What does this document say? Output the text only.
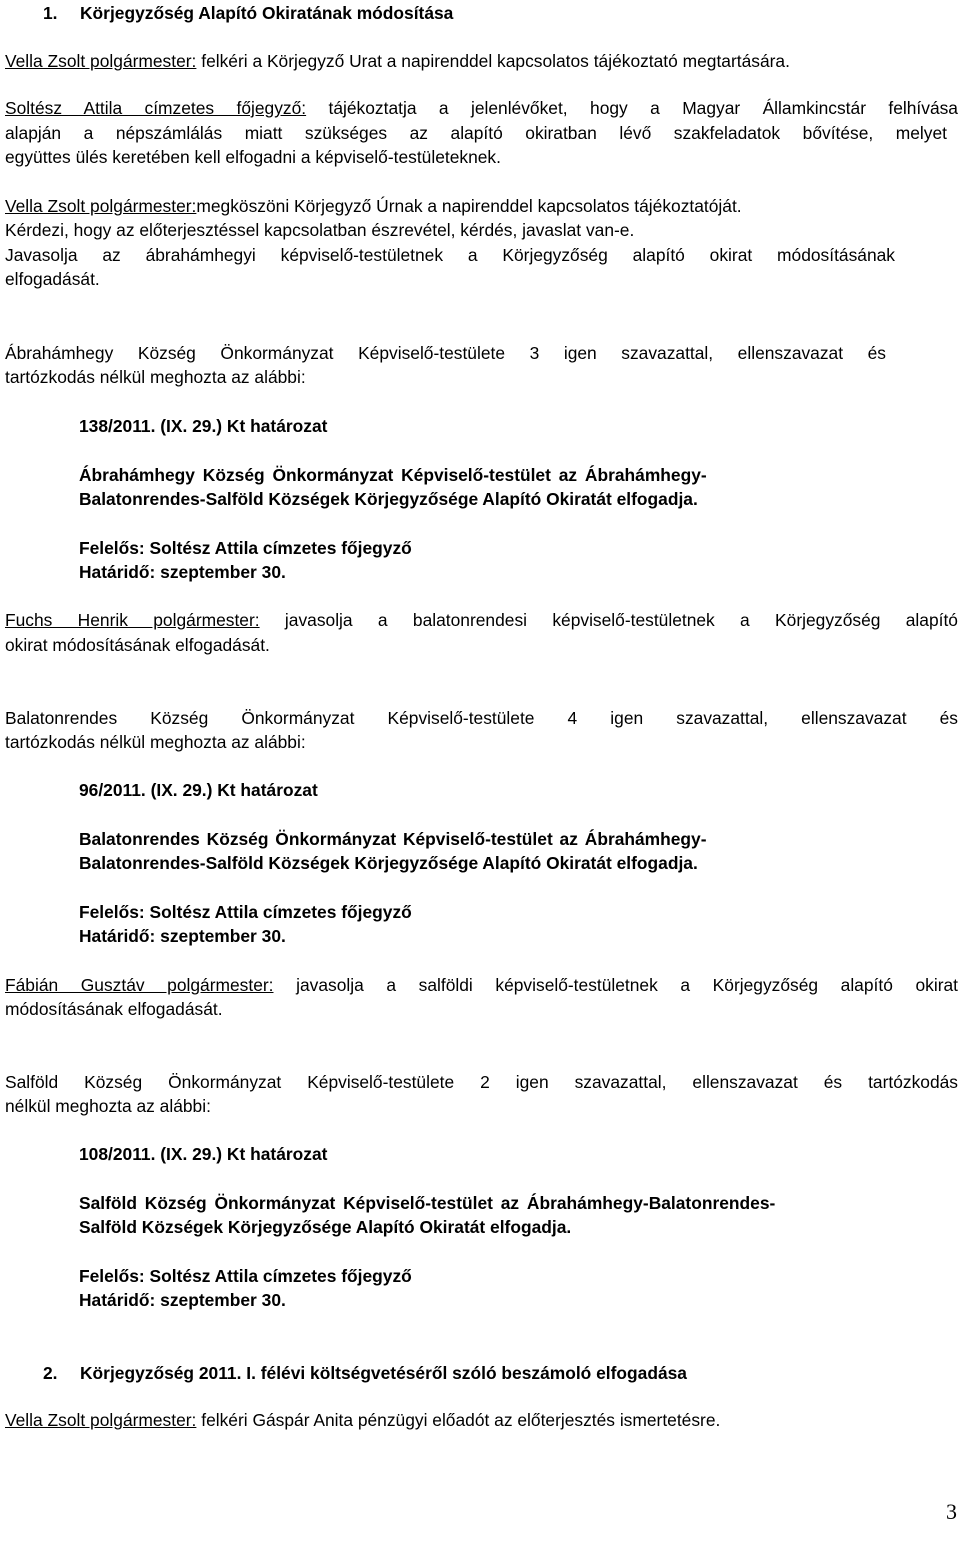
1. Körjegyzőség Alapító Okiratának módosítása
Vella Zsolt polgármester: felkéri a Körjegyző Urat a napirenddel kapcsolatos tájékoztató megtartására.
Soltész Attila címzetes főjegyző: tájékoztatja a jelenlévőket, hogy a Magyar Államkincstár felhívása
alapján a népszámlálás miatt szükséges az alapító okiratban lévő szakfeladatok bővítése, melyet
együttes ülés keretében kell elfogadni a képviselő-testületeknek.
Vella Zsolt polgármester:megköszöni Körjegyző Úrnak a napirenddel kapcsolatos tájékoztatóját.
Kérdezi, hogy az előterjesztéssel kapcsolatban észrevétel, kérdés, javaslat van-e.
Javasolja az ábrahámhegyi képviselő-testületnek a Körjegyzőség alapító okirat módosításának
elfogadását.
Ábrahámhegy Község Önkormányzat Képviselő-testülete 3 igen szavazattal, ellenszavazat és
tartózkodás nélkül meghozta az alábbi:
138/2011. (IX. 29.) Kt határozat
Ábrahámhegy Község Önkormányzat Képviselő-testület az Ábrahámhegy-
Balatonrendes-Salföld Községek Körjegyzősége Alapító Okiratát elfogadja.
Felelős: Soltész Attila címzetes főjegyző
Határidő: szeptember 30.
Fuchs Henrik polgármester: javasolja a balatonrendesi képviselő-testületnek a Körjegyzőség alapító
okirat módosításának elfogadását.
Balatonrendes Község Önkormányzat Képviselő-testülete 4 igen szavazattal, ellenszavazat és
tartózkodás nélkül meghozta az alábbi:
96/2011. (IX. 29.) Kt határozat
Balatonrendes Község Önkormányzat Képviselő-testület az Ábrahámhegy-
Balatonrendes-Salföld Községek Körjegyzősége Alapító Okiratát elfogadja.
Felelős: Soltész Attila címzetes főjegyző
Határidő: szeptember 30.
Fábián Gusztáv polgármester: javasolja a salföldi képviselő-testületnek a Körjegyzőség alapító okirat
módosításának elfogadását.
Salföld Község Önkormányzat Képviselő-testülete 2 igen szavazattal, ellenszavazat és tartózkodás
nélkül meghozta az alábbi:
108/2011. (IX. 29.) Kt határozat
Salföld Község Önkormányzat Képviselő-testület az Ábrahámhegy-Balatonrendes-
Salföld Községek Körjegyzősége Alapító Okiratát elfogadja.
Felelős: Soltész Attila címzetes főjegyző
Határidő: szeptember 30.
2. Körjegyzőség 2011. I. félévi költségvetéséről szóló beszámoló elfogadása
Vella Zsolt polgármester: felkéri Gáspár Anita pénzügyi előadót az előterjesztés ismertetésre.
3
